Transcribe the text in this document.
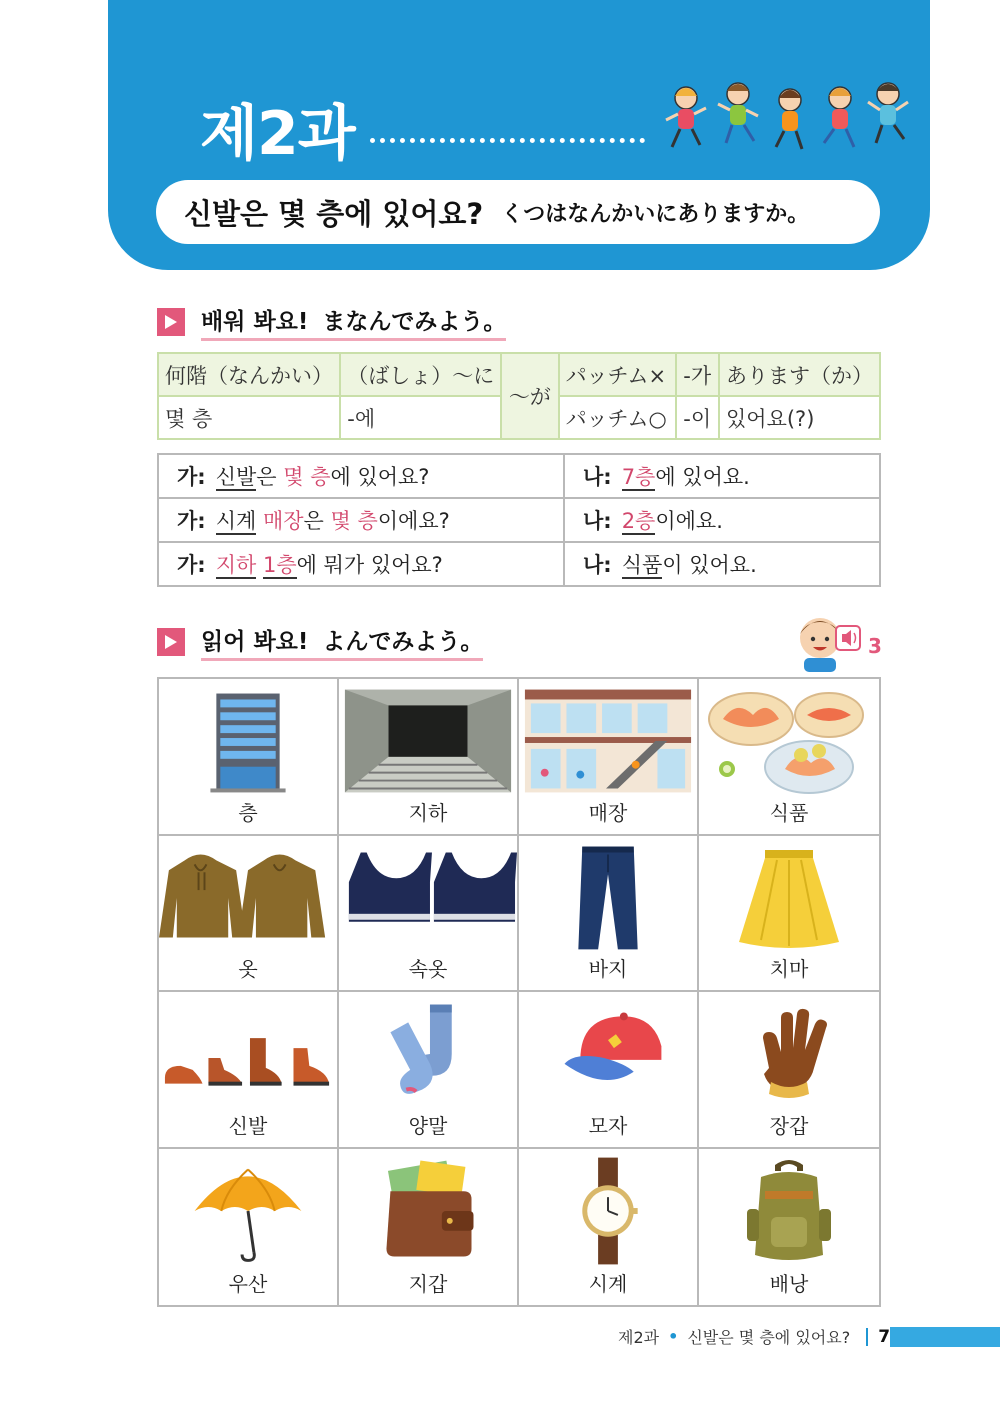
제2과
신발은 몇 층에 있어요? くつはなんかいにありますか。
배워 봐요! まなんでみよう。
何階（なんかい）	（ばしょ）〜に	〜が	パッチム×	-가	あります（か）
몇 층	-에		パッチム○	-이	있어요(?)
가: 신발은 몇 층에 있어요?	나: 7층에 있어요.
가: 시계 매장은 몇 층이에요?	나: 2층이에요.
가: 지하 1층에 뭐가 있어요?	나: 식품이 있어요.
읽어 봐요! よんでみよう。	3
층	지하	매장	식품
옷	속옷	바지	치마
신발	양말	모자	장갑
우산	지갑	시계	배낭
제2과 • 신발은 몇 층에 있어요? 7
